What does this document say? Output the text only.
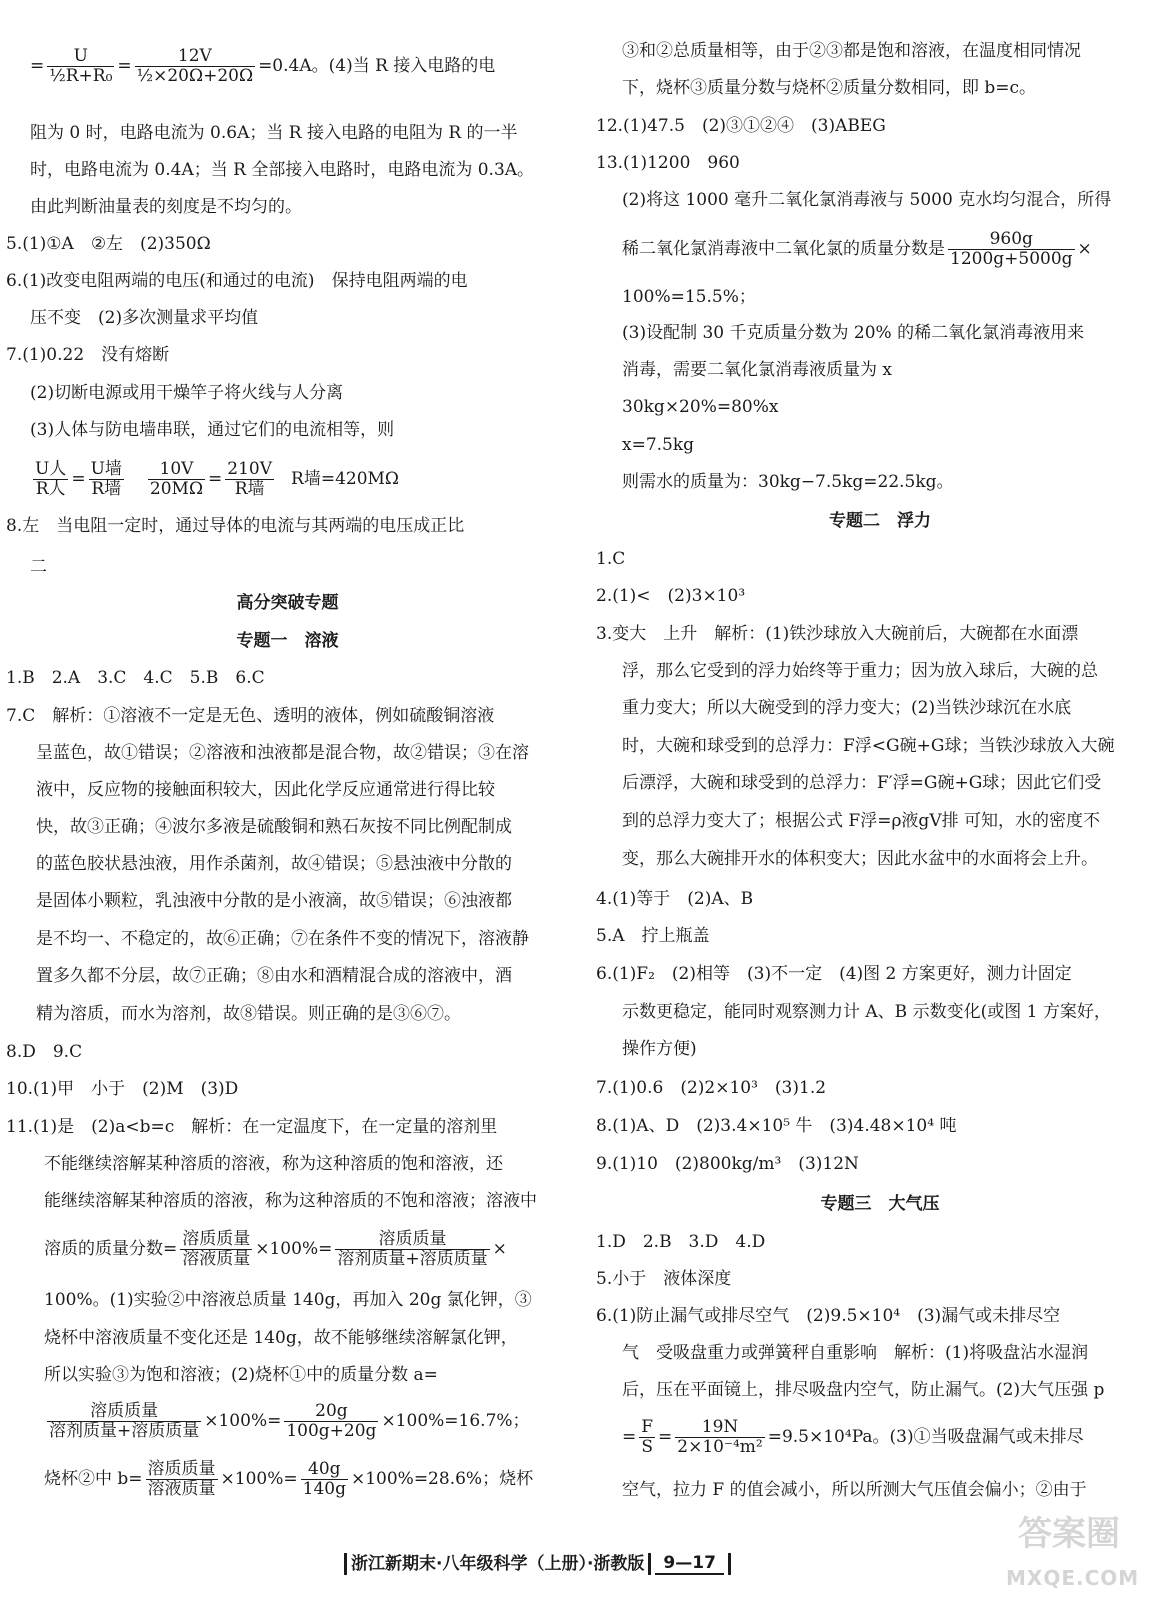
= $\frac{U}{\text{½R+R₀}} = \frac{12V}{\text{½×20Ω+20Ω}} =0.4A$。(4)当 R 接入电路的电
阻为 0 时，电路电流为 0.6A；当 R 接入电路的电阻为 R 的一半
时，电路电流为 0.4A；当 R 全部接入电路时，电路电流为 0.3A。
由此判断油量表的刻度是不均匀的。
5.(1)①A　②左　(2)350Ω
6.(1)改变电阻两端的电压(和通过的电流)　保持电阻两端的电
压不变　(2)多次测量求平均值
7.(1)0.22　没有熔断
(2)切断电源或用干燥竿子将火线与人分离
(3)人体与防电墙串联，通过它们的电流相等，则
$\frac{\text{U人}}{\text{R人}} = \frac{\text{U墙}}{\text{R墙}} \frac{10V}{20M\Omega} = \frac{210V}{\text{R墙}}$ R墙=420MΩ
8.左　当电阻一定时，通过导体的电流与其两端的电压成正比
二
高分突破专题
专题一　溶液
1.B　2.A　3.C　4.C　5.B　6.C
7.C　解析：①溶液不一定是无色、透明的液体，例如硫酸铜溶液
呈蓝色，故①错误；②溶液和浊液都是混合物，故②错误；③在溶
液中，反应物的接触面积较大，因此化学反应通常进行得比较
快，故③正确；④波尔多液是硫酸铜和熟石灰按不同比例配制成
的蓝色胶状悬浊液，用作杀菌剂，故④错误；⑤悬浊液中分散的
是固体小颗粒，乳浊液中分散的是小液滴，故⑤错误；⑥浊液都
是不均一、不稳定的，故⑥正确；⑦在条件不变的情况下，溶液静
置多久都不分层，故⑦正确；⑧由水和酒精混合成的溶液中，酒
精为溶质，而水为溶剂，故⑧错误。则正确的是③⑥⑦。
8.D　9.C
10.(1)甲　小于　(2)M　(3)D
11.(1)是　(2)a<b=c　解析：在一定温度下，在一定量的溶剂里
不能继续溶解某种溶质的溶液，称为这种溶质的饱和溶液，还
能继续溶解某种溶质的溶液，称为这种溶质的不饱和溶液；溶液中
溶质的质量分数= $\frac{\text{溶质质量}}{\text{溶液质量}} \times 100\%= \frac{\text{溶质质量}}{\text{溶剂质量+溶质质量}}$ ×
100%。(1)实验②中溶液总质量 140g，再加入 20g 氯化钾，③
烧杯中溶液质量不变化还是 140g，故不能够继续溶解氯化钾，
所以实验③为饱和溶液；(2)烧杯①中的质量分数 a=
$\frac{\text{溶质质量}}{\text{溶剂质量+溶质质量}} \times 100\%= \frac{20g}{100g+20g} \times 100\%=16.7\%$；
烧杯②中 $b= \frac{\text{溶质质量}}{\text{溶液质量}} \times 100\%= \frac{40g}{140g} \times 100\%=28.6\%$；烧杯
③和②总质量相等，由于②③都是饱和溶液，在温度相同情况
下，烧杯③质量分数与烧杯②质量分数相同，即 b=c。
12.(1)47.5　(2)③①②④　(3)ABEG
13.(1)1200　960
(2)将这 1000 毫升二氧化氯消毒液与 5000 克水均匀混合，所得
稀二氧化氯消毒液中二氧化氯的质量分数是 $\frac{960g}{1200g+5000g}$ ×
100%=15.5%；
(3)设配制 30 千克质量分数为 20% 的稀二氧化氯消毒液用来
消毒，需要二氧化氯消毒液质量为 x
30kg×20%=80%x
x=7.5kg
则需水的质量为：30kg−7.5kg=22.5kg。
专题二　浮力
1.C
2.(1)<　(2)3×10³
3.变大　上升　解析：(1)铁沙球放入大碗前后，大碗都在水面漂
浮，那么它受到的浮力始终等于重力；因为放入球后，大碗的总
重力变大；所以大碗受到的浮力变大；(2)当铁沙球沉在水底
时，大碗和球受到的总浮力：F浮<G碗+G球；当铁沙球放入大碗
后漂浮，大碗和球受到的总浮力：F′浮=G碗+G球；因此它们受
到的总浮力变大了；根据公式 F浮=ρ液gV排 可知，水的密度不
变，那么大碗排开水的体积变大；因此水盆中的水面将会上升。
4.(1)等于　(2)A、B
5.A　拧上瓶盖
6.(1)F₂　(2)相等　(3)不一定　(4)图 2 方案更好，测力计固定
示数更稳定，能同时观察测力计 A、B 示数变化(或图 1 方案好，
操作方便)
7.(1)0.6　(2)2×10³　(3)1.2
8.(1)A、D　(2)3.4×10⁵ 牛　(3)4.48×10⁴ 吨
9.(1)10　(2)800kg/m³　(3)12N
专题三　大气压
1.D　2.B　3.D　4.D
5.小于　液体深度
6.(1)防止漏气或排尽空气　(2)9.5×10⁴　(3)漏气或未排尽空
气　受吸盘重力或弹簧秤自重影响　解析：(1)将吸盘沾水湿润
后，压在平面镜上，排尽吸盘内空气，防止漏气。(2)大气压强 p
= $\frac{F}{S} = \frac{19N}{\text{2×10⁻⁴m²}} =9.5\times 10^4Pa$。(3)①当吸盘漏气或未排尽
空气，拉力 F 的值会减小，所以所测大气压值会偏小；②由于
浙江新期末·八年级科学（上册）·浙教版	9—17
答案圈
MXQE.COM
